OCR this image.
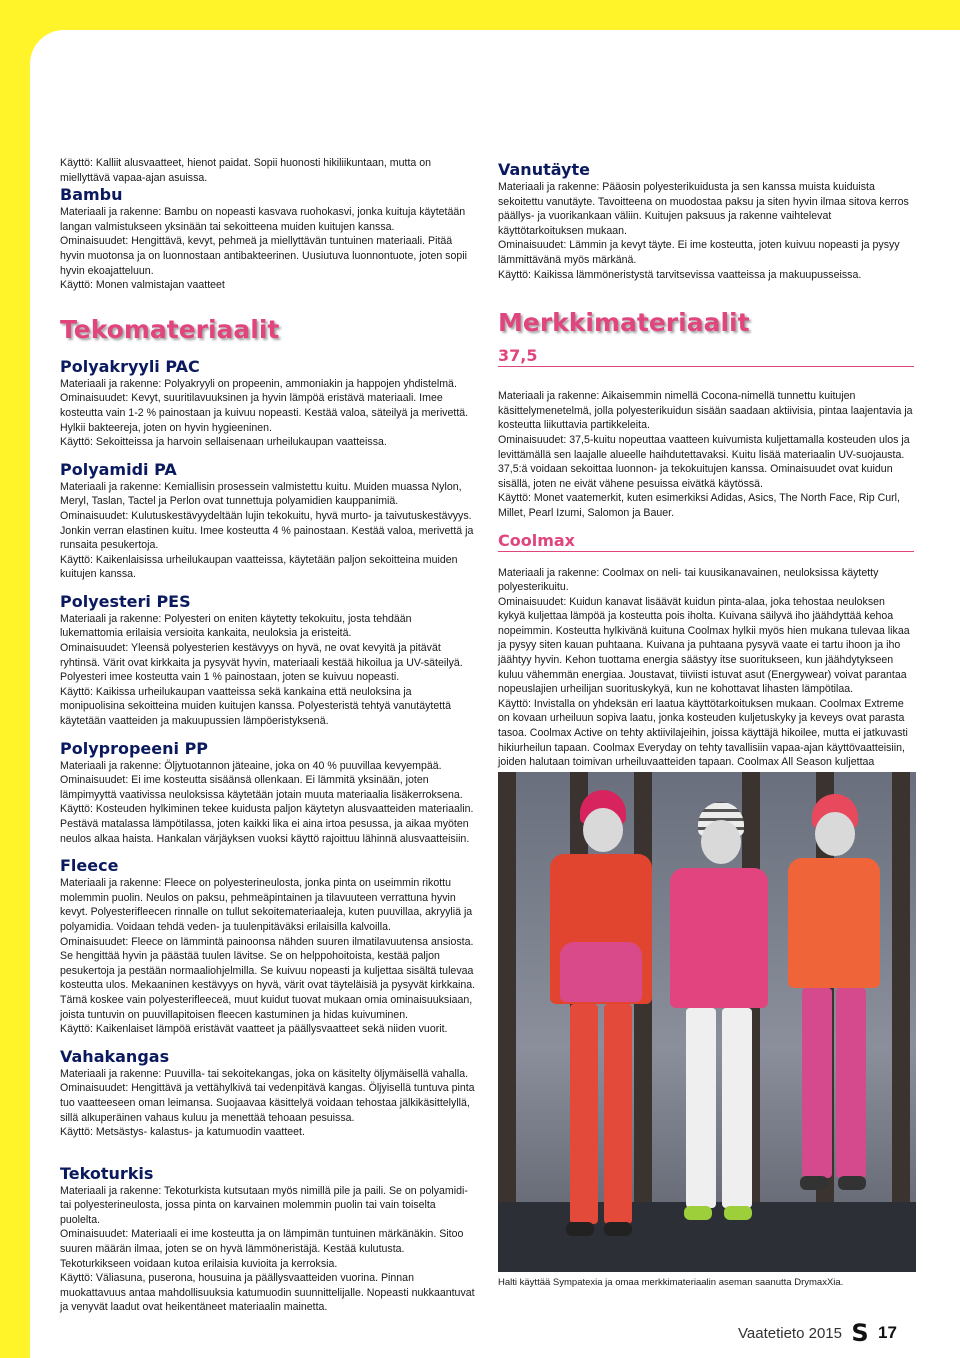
Käyttö: Kalliit alusvaatteet, hienot paidat. Sopii huonosti hikiliikuntaan, mutta on miellyttävä vapaa-ajan asuissa.

Bambu

Materiaali ja rakenne: Bambu on nopeasti kasvava ruohokasvi, jonka kuituja käytetään langan valmistukseen yksinään tai sekoitteena muiden kuitujen kanssa.
Ominaisuudet: Hengittävä, kevyt, pehmeä ja miellyttävän tuntuinen materiaali. Pitää hyvin muotonsa ja on luonnostaan antibakteerinen. Uusiutuva luonnontuote, joten sopii hyvin ekoajatteluun.
Käyttö: Monen valmistajan vaatteet

Tekomateriaalit
Polyakryyli PAC

Materiaali ja rakenne: Polyakryyli on propeenin, ammoniakin ja happojen yhdistelmä.
Ominaisuudet: Kevyt, suuritilavuuksinen ja hyvin lämpöä eristävä materiaali. Imee kosteutta vain 1-2 % painostaan ja kuivuu nopeasti. Kestää valoa, säteilyä ja merivettä. Hylkii bakteereja, joten on hyvin hygieeninen.
Käyttö: Sekoitteissa ja harvoin sellaisenaan urheilukaupan vaatteissa.

Polyamidi PA

Materiaali ja rakenne: Kemiallisin prosessein valmistettu kuitu. Muiden muassa Nylon, Meryl, Taslan, Tactel ja Perlon ovat tunnettuja polyamidien kauppanimiä.
Ominaisuudet: Kulutuskestävyydeltään lujin tekokuitu, hyvä murto- ja taivutuskestävyys. Jonkin verran elastinen kuitu. Imee kosteutta 4 % painostaan. Kestää valoa, merivettä ja runsaita pesukertoja.
Käyttö: Kaikenlaisissa urheilukaupan vaatteissa, käytetään paljon sekoitteina muiden kuitujen kanssa.

Polyesteri PES

Materiaali ja rakenne: Polyesteri on eniten käytetty tekokuitu, josta tehdään lukemattomia erilaisia versioita kankaita, neuloksia ja eristeitä.
Ominaisuudet: Yleensä polyesterien kestävyys on hyvä, ne ovat kevyitä ja pitävät ryhtinsä. Värit ovat kirkkaita ja pysyvät hyvin, materiaali kestää hikoilua ja UV-säteilyä. Polyesteri imee kosteutta vain 1 % painostaan, joten se kuivuu nopeasti.
Käyttö: Kaikissa urheilukaupan vaatteissa sekä kankaina että neuloksina ja monipuolisina sekoitteina muiden kuitujen kanssa. Polyesteristä tehtyä vanutäytettä käytetään vaatteiden ja makuupussien lämpöeristyksenä.

Polypropeeni PP

Materiaali ja rakenne: Öljytuotannon jäteaine, joka on 40 % puuvillaa kevyempää.
Ominaisuudet: Ei ime kosteutta sisäänsä ollenkaan. Ei lämmitä yksinään, joten lämpimyyttä vaativissa neuloksissa käytetään jotain muuta materiaalia lisäkerroksena.
Käyttö: Kosteuden hylkiminen tekee kuidusta paljon käytetyn alusvaatteiden materiaalin. Pestävä matalassa lämpötilassa, joten kaikki lika ei aina irtoa pesussa, ja aikaa myöten neulos alkaa haista. Hankalan värjäyksen vuoksi käyttö rajoittuu lähinnä alusvaatteisiin.

Fleece

Materiaali ja rakenne: Fleece on polyesterineulosta, jonka pinta on useimmin rikottu molemmin puolin. Neulos on paksu, pehmeäpintainen ja tilavuuteen verrattuna hyvin kevyt. Polyesterifleecen rinnalle on tullut sekoitemateriaaleja, kuten puuvillaa, akryyliä ja polyamidia. Voidaan tehdä veden- ja tuulenpitäväksi erilaisilla kalvoilla.
Ominaisuudet: Fleece on lämmintä painoonsa nähden suuren ilmatilavuutensa ansiosta. Se hengittää hyvin ja päästää tuulen lävitse. Se on helppohoitoista, kestää paljon pesukertoja ja pestään normaaliohjelmilla. Se kuivuu nopeasti ja kuljettaa sisältä tulevaa kosteutta ulos. Mekaaninen kestävyys on hyvä, värit ovat täyteläisiä ja pysyvät kirkkaina. Tämä koskee vain polyesterifleeceä, muut kuidut tuovat mukaan omia ominaisuuksiaan, joista tuntuvin on puuvillapitoisen fleecen kastuminen ja hidas kuivuminen.
Käyttö: Kaikenlaiset lämpöä eristävät vaatteet ja päällysvaatteet sekä niiden vuorit.

Vahakangas

Materiaali ja rakenne: Puuvilla- tai sekoitekangas, joka on käsitelty öljymäisellä vahalla.
Ominaisuudet: Hengittävä ja vettähylkivä tai vedenpitävä kangas. Öljyisellä tuntuva pinta tuo vaatteeseen oman leimansa. Suojaavaa käsittelyä voidaan tehostaa jälkikäsittelyllä, sillä alkuperäinen vahaus kuluu ja menettää tehoaan pesuissa.
Käyttö: Metsästys- kalastus- ja katumuodin vaatteet.

Tekoturkis

Materiaali ja rakenne: Tekoturkista kutsutaan myös nimillä pile ja paili. Se on polyamidi- tai polyesterineulosta, jossa pinta on karvainen molemmin puolin tai vain toiselta puolelta.
Ominaisuudet: Materiaali ei ime kosteutta ja on lämpimän tuntuinen märkänäkin. Sitoo suuren määrän ilmaa, joten se on hyvä lämmöneristäjä. Kestää kulutusta. Tekoturkikseen voidaan kutoa erilaisia kuvioita ja kerroksia.
Käyttö: Väliasuna, puserona, housuina ja päällysvaatteiden vuorina. Pinnan muokattavuus antaa mahdollisuuksia katumuodin suunnittelijalle. Nopeasti nukkaantuvat ja venyvät laadut ovat heikentäneet materiaalin mainetta.

Vanutäyte

Materiaali ja rakenne: Pääosin polyesterikuidusta ja sen kanssa muista kuiduista sekoitettu vanutäyte. Tavoitteena on muodostaa paksu ja siten hyvin ilmaa sitova kerros päällys- ja vuorikankaan väliin. Kuitujen paksuus ja rakenne vaihtelevat käyttötarkoituksen mukaan.
Ominaisuudet: Lämmin ja kevyt täyte. Ei ime kosteutta, joten kuivuu nopeasti ja pysyy lämmittävänä myös märkänä.
Käyttö: Kaikissa lämmöneristystä tarvitsevissa vaatteissa ja makuupusseissa.

Merkkimateriaalit
37,5

Materiaali ja rakenne: Aikaisemmin nimellä Cocona-nimellä tunnettu kuitujen käsittelymenetelmä, jolla polyesterikuidun sisään saadaan aktiivisia, pintaa laajentavia ja kosteutta liikuttavia partikkeleita.
Ominaisuudet: 37,5-kuitu nopeuttaa vaatteen kuivumista kuljettamalla kosteuden ulos ja levittämällä sen laajalle alueelle haihdutettavaksi. Kuitu lisää materiaalin UV-suojausta. 37,5:ä voidaan sekoittaa luonnon- ja tekokuitujen kanssa. Ominaisuudet ovat kuidun sisällä, joten ne eivät vähene pesuissa eivätkä käytössä.
Käyttö: Monet vaatemerkit, kuten esimerkiksi Adidas, Asics, The North Face, Rip Curl, Millet, Pearl Izumi, Salomon ja Bauer.

Coolmax

Materiaali ja rakenne: Coolmax on neli- tai kuusikanavainen, neuloksissa käytetty polyesterikuitu.
Ominaisuudet: Kuidun kanavat lisäävät kuidun pinta-alaa, joka tehostaa neuloksen kykyä kuljettaa lämpöä ja kosteutta pois iholta. Kuivana säilyvä iho jäähdyttää kehoa nopeimmin. Kosteutta hylkivänä kuituna Coolmax hylkii myös hien mukana tulevaa likaa ja pysyy siten kauan puhtaana. Kuivana ja puhtaana pysyvä vaate ei tartu ihoon ja iho jäähtyy hyvin. Kehon tuottama energia säästyy itse suoritukseen, kun jäähdytykseen kuluu vähemmän energiaa. Joustavat, tiiviisti istuvat asut (Energywear) voivat parantaa nopeuslajien urheilijan suorituskykyä, kun ne kohottavat lihasten lämpötilaa.
Käyttö: Invistalla on yhdeksän eri laatua käyttötarkoituksen mukaan. Coolmax Extreme on kovaan urheiluun sopiva laatu, jonka kosteuden kuljetuskyky ja keveys ovat parasta tasoa. Coolmax Active on tehty aktiivilajeihin, joissa käyttäjä hikoilee, mutta ei jatkuvasti hikiurheilun tapaan. Coolmax Everyday on tehty tavallisiin vapaa-ajan käyttövaatteisiin, joiden halutaan toimivan urheiluvaatteiden tapaan. Coolmax All Season kuljettaa

Halti käyttää Sympatexia ja omaa merkkimateriaalin aseman saanutta DrymaxXia.
Vaatetieto 2015 S 17
